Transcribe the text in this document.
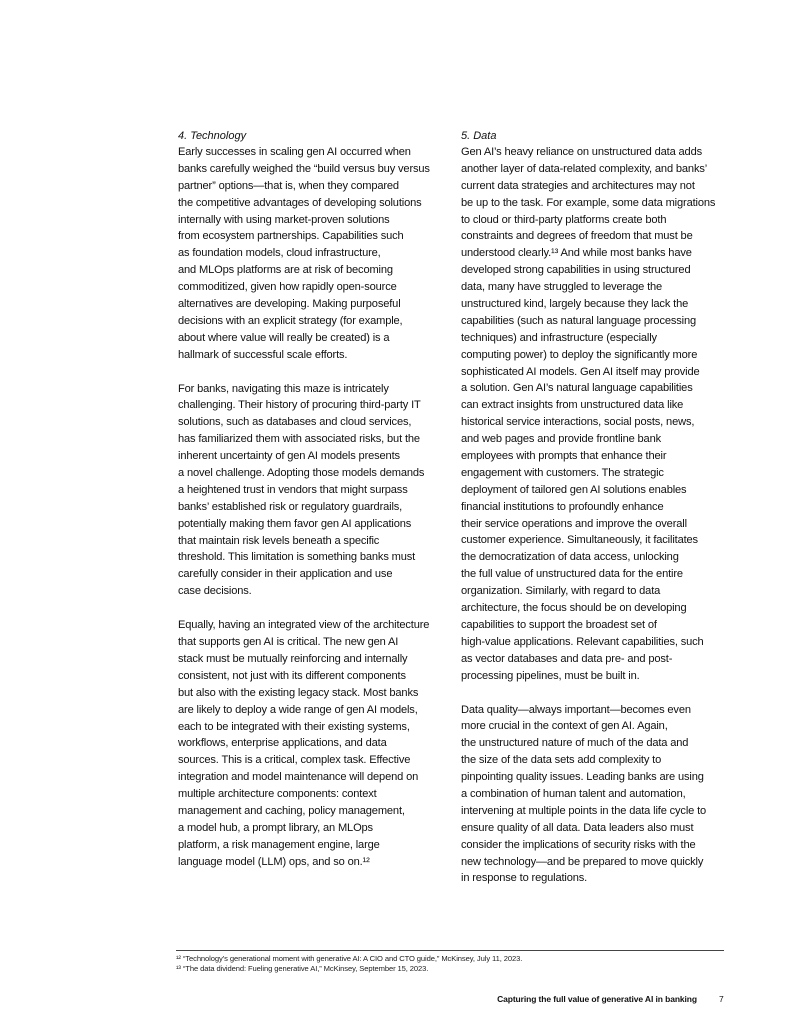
4. Technology

Early successes in scaling gen AI occurred when
banks carefully weighed the “build versus buy versus
partner” options—that is, when they compared
the competitive advantages of developing solutions
internally with using market-proven solutions
from ecosystem partnerships. Capabilities such
as foundation models, cloud infrastructure,
and MLOps platforms are at risk of becoming
commoditized, given how rapidly open-source
alternatives are developing. Making purposeful
decisions with an explicit strategy (for example,
about where value will really be created) is a
hallmark of successful scale efforts.

For banks, navigating this maze is intricately
challenging. Their history of procuring third-party IT
solutions, such as databases and cloud services,
has familiarized them with associated risks, but the
inherent uncertainty of gen AI models presents
a novel challenge. Adopting those models demands
a heightened trust in vendors that might surpass
banks’ established risk or regulatory guardrails,
potentially making them favor gen AI applications
that maintain risk levels beneath a specific
threshold. This limitation is something banks must
carefully consider in their application and use
case decisions.

Equally, having an integrated view of the architecture
that supports gen AI is critical. The new gen AI
stack must be mutually reinforcing and internally
consistent, not just with its different components
but also with the existing legacy stack. Most banks
are likely to deploy a wide range of gen AI models,
each to be integrated with their existing systems,
workflows, enterprise applications, and data
sources. This is a critical, complex task. Effective
integration and model maintenance will depend on
multiple architecture components: context
management and caching, policy management,
a model hub, a prompt library, an MLOps
platform, a risk management engine, large
language model (LLM) ops, and so on.¹²

5. Data

Gen AI’s heavy reliance on unstructured data adds
another layer of data-related complexity, and banks’
current data strategies and architectures may not
be up to the task. For example, some data migrations
to cloud or third-party platforms create both
constraints and degrees of freedom that must be
understood clearly.¹³ And while most banks have
developed strong capabilities in using structured
data, many have struggled to leverage the
unstructured kind, largely because they lack the
capabilities (such as natural language processing
techniques) and infrastructure (especially
computing power) to deploy the significantly more
sophisticated AI models. Gen AI itself may provide
a solution. Gen AI’s natural language capabilities
can extract insights from unstructured data like
historical service interactions, social posts, news,
and web pages and provide frontline bank
employees with prompts that enhance their
engagement with customers. The strategic
deployment of tailored gen AI solutions enables
financial institutions to profoundly enhance
their service operations and improve the overall
customer experience. Simultaneously, it facilitates
the democratization of data access, unlocking
the full value of unstructured data for the entire
organization. Similarly, with regard to data
architecture, the focus should be on developing
capabilities to support the broadest set of
high-value applications. Relevant capabilities, such
as vector databases and data pre- and post-
processing pipelines, must be built in.

Data quality—always important—becomes even
more crucial in the context of gen AI. Again,
the unstructured nature of much of the data and
the size of the data sets add complexity to
pinpointing quality issues. Leading banks are using
a combination of human talent and automation,
intervening at multiple points in the data life cycle to
ensure quality of all data. Data leaders also must
consider the implications of security risks with the
new technology—and be prepared to move quickly
in response to regulations.

¹² “Technology’s generational moment with generative AI: A CIO and CTO guide,” McKinsey, July 11, 2023.
¹³ “The data dividend: Fueling generative AI,” McKinsey, September 15, 2023.
Capturing the full value of generative AI in banking	7
